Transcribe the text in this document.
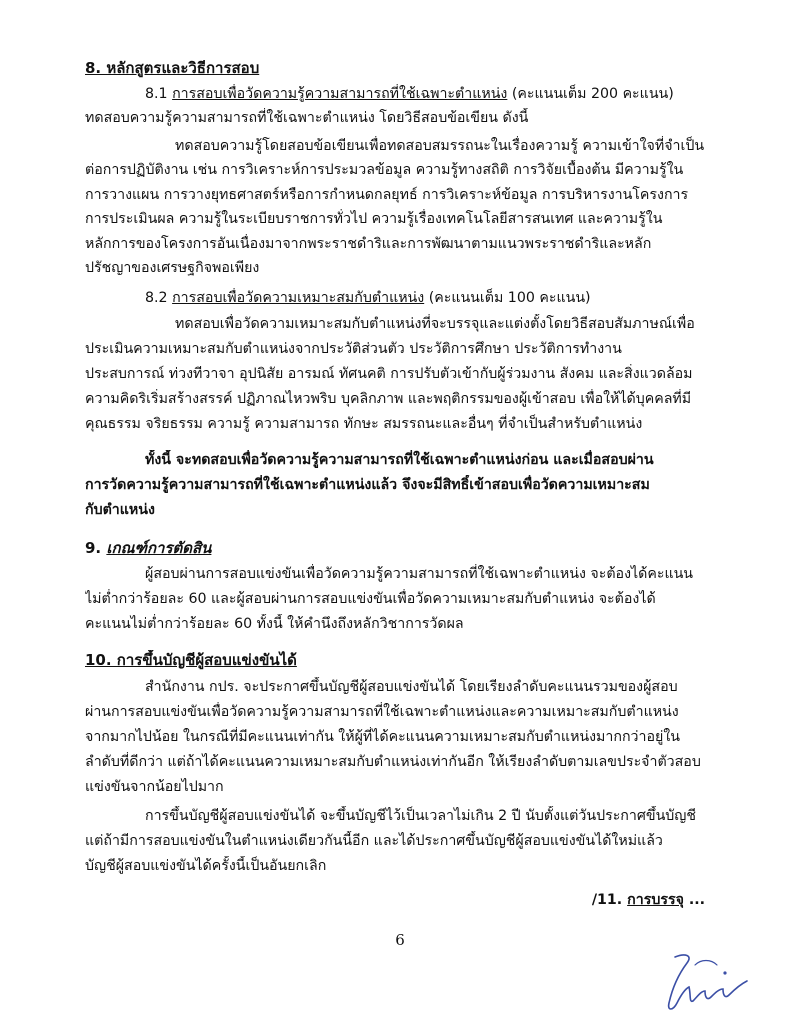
8. หลักสูตรและวิธีการสอบ
8.1 การสอบเพื่อวัดความรู้ความสามารถที่ใช้เฉพาะตำแหน่ง (คะแนนเต็ม 200 คะแนน)
ทดสอบความรู้ความสามารถที่ใช้เฉพาะตำแหน่ง โดยวิธีสอบข้อเขียน ดังนี้
ทดสอบความรู้โดยสอบข้อเขียนเพื่อทดสอบสมรรถนะในเรื่องความรู้ ความเข้าใจที่จำเป็น
ต่อการปฏิบัติงาน เช่น การวิเคราะห์การประมวลข้อมูล ความรู้ทางสถิติ การวิจัยเบื้องต้น มีความรู้ใน
การวางแผน การวางยุทธศาสตร์หรือการกำหนดกลยุทธ์ การวิเคราะห์ข้อมูล การบริหารงานโครงการ
การประเมินผล ความรู้ในระเบียบราชการทั่วไป ความรู้เรื่องเทคโนโลยีสารสนเทศ และความรู้ใน
หลักการของโครงการอันเนื่องมาจากพระราชดำริและการพัฒนาตามแนวพระราชดำริและหลัก
ปรัชญาของเศรษฐกิจพอเพียง
8.2 การสอบเพื่อวัดความเหมาะสมกับตำแหน่ง (คะแนนเต็ม 100 คะแนน)
ทดสอบเพื่อวัดความเหมาะสมกับตำแหน่งที่จะบรรจุและแต่งตั้งโดยวิธีสอบสัมภาษณ์เพื่อ
ประเมินความเหมาะสมกับตำแหน่งจากประวัติส่วนตัว ประวัติการศึกษา ประวัติการทำงาน
ประสบการณ์ ท่วงทีวาจา อุปนิสัย อารมณ์ ทัศนคติ การปรับตัวเข้ากับผู้ร่วมงาน สังคม และสิ่งแวดล้อม
ความคิดริเริ่มสร้างสรรค์ ปฏิภาณไหวพริบ บุคลิกภาพ และพฤติกรรมของผู้เข้าสอบ เพื่อให้ได้บุคคลที่มี
คุณธรรม จริยธรรม ความรู้ ความสามารถ ทักษะ สมรรถนะและอื่นๆ ที่จำเป็นสำหรับตำแหน่ง
ทั้งนี้ จะทดสอบเพื่อวัดความรู้ความสามารถที่ใช้เฉพาะตำแหน่งก่อน และเมื่อสอบผ่าน
การวัดความรู้ความสามารถที่ใช้เฉพาะตำแหน่งแล้ว จึงจะมีสิทธิ์เข้าสอบเพื่อวัดความเหมาะสม
กับตำแหน่ง
9. เกณฑ์การตัดสิน
ผู้สอบผ่านการสอบแข่งขันเพื่อวัดความรู้ความสามารถที่ใช้เฉพาะตำแหน่ง จะต้องได้คะแนน
ไม่ต่ำกว่าร้อยละ 60 และผู้สอบผ่านการสอบแข่งขันเพื่อวัดความเหมาะสมกับตำแหน่ง จะต้องได้
คะแนนไม่ต่ำกว่าร้อยละ 60 ทั้งนี้ ให้คำนึงถึงหลักวิชาการวัดผล
10. การขึ้นบัญชีผู้สอบแข่งขันได้
สำนักงาน กปร. จะประกาศขึ้นบัญชีผู้สอบแข่งขันได้ โดยเรียงลำดับคะแนนรวมของผู้สอบ
ผ่านการสอบแข่งขันเพื่อวัดความรู้ความสามารถที่ใช้เฉพาะตำแหน่งและความเหมาะสมกับตำแหน่ง
จากมากไปน้อย ในกรณีที่มีคะแนนเท่ากัน ให้ผู้ที่ได้คะแนนความเหมาะสมกับตำแหน่งมากกว่าอยู่ใน
ลำดับที่ดีกว่า แต่ถ้าได้คะแนนความเหมาะสมกับตำแหน่งเท่ากันอีก ให้เรียงลำดับตามเลขประจำตัวสอบ
แข่งขันจากน้อยไปมาก
การขึ้นบัญชีผู้สอบแข่งขันได้ จะขึ้นบัญชีไว้เป็นเวลาไม่เกิน 2 ปี นับตั้งแต่วันประกาศขึ้นบัญชี
แต่ถ้ามีการสอบแข่งขันในตำแหน่งเดียวกันนี้อีก และได้ประกาศขึ้นบัญชีผู้สอบแข่งขันได้ใหม่แล้ว
บัญชีผู้สอบแข่งขันได้ครั้งนี้เป็นอันยกเลิก
/11. การบรรจุ ...
6
